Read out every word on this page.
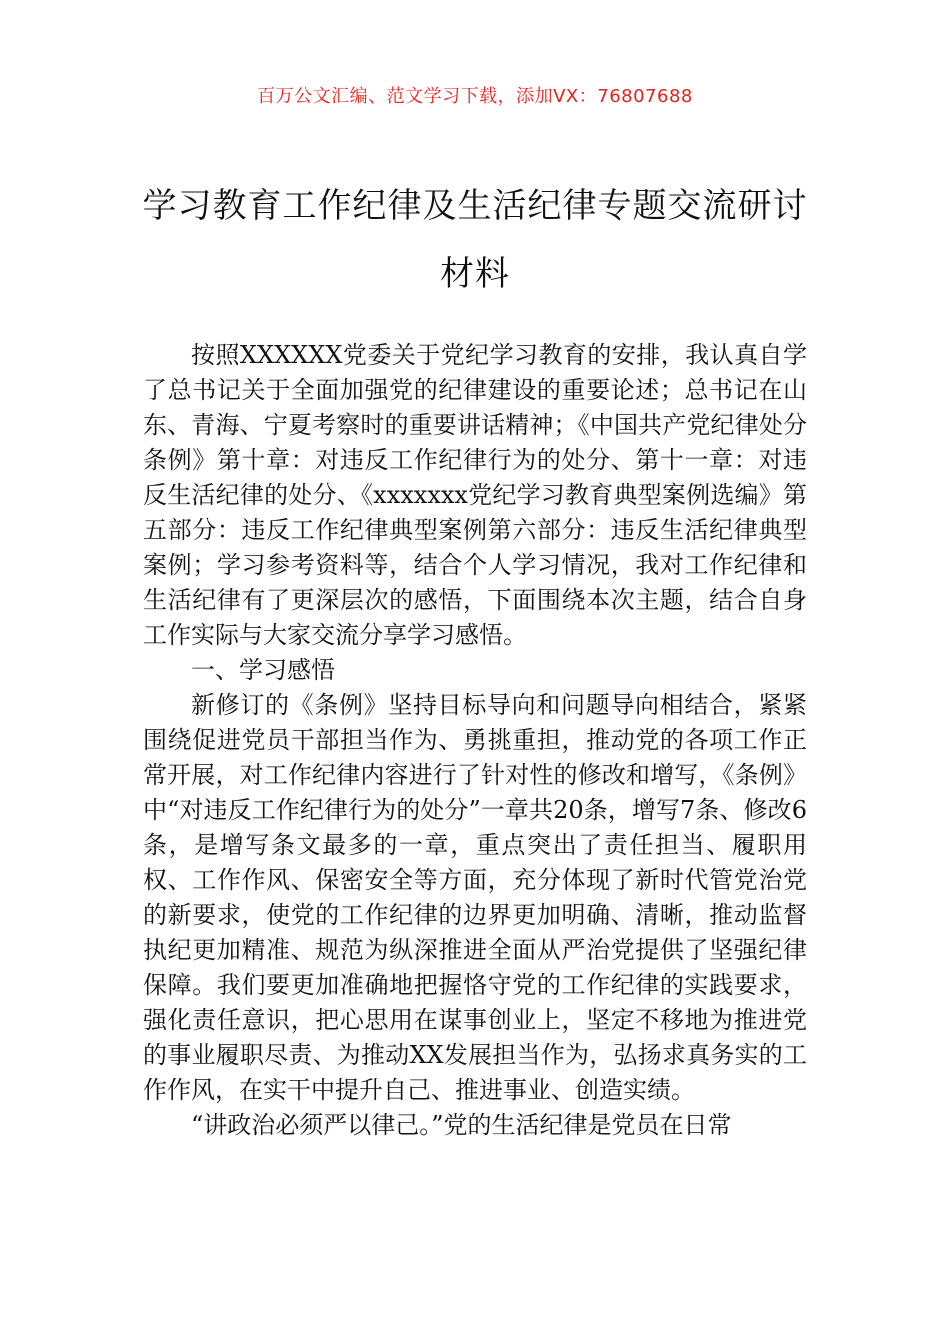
百万公文汇编、范文学习下载，添加VX：76807688
学习教育工作纪律及生活纪律专题交流研讨材料

按照XXXXXX党委关于党纪学习教育的安排，我认真自学了总书记关于全面加强党的纪律建设的重要论述；总书记在山东、青海、宁夏考察时的重要讲话精神；《中国共产党纪律处分条例》第十章：对违反工作纪律行为的处分、第十一章：对违反生活纪律的处分、《xxxxxxx党纪学习教育典型案例选编》第五部分：违反工作纪律典型案例第六部分：违反生活纪律典型案例；学习参考资料等，结合个人学习情况，我对工作纪律和生活纪律有了更深层次的感悟，下面围绕本次主题，结合自身工作实际与大家交流分享学习感悟。

一、学习感悟

新修订的《条例》坚持目标导向和问题导向相结合，紧紧围绕促进党员干部担当作为、勇挑重担，推动党的各项工作正常开展，对工作纪律内容进行了针对性的修改和增写，《条例》中“对违反工作纪律行为的处分”一章共20条，增写7条、修改6条，是增写条文最多的一章，重点突出了责任担当、履职用权、工作作风、保密安全等方面，充分体现了新时代管党治党的新要求，使党的工作纪律的边界更加明确、清晰，推动监督执纪更加精准、规范为纵深推进全面从严治党提供了坚强纪律保障。我们要更加准确地把握恪守党的工作纪律的实践要求，强化责任意识，把心思用在谋事创业上，坚定不移地为推进党的事业履职尽责、为推动XX发展担当作为，弘扬求真务实的工作作风，在实干中提升自己、推进事业、创造实绩。

“讲政治必须严以律己。”党的生活纪律是党员在日常
